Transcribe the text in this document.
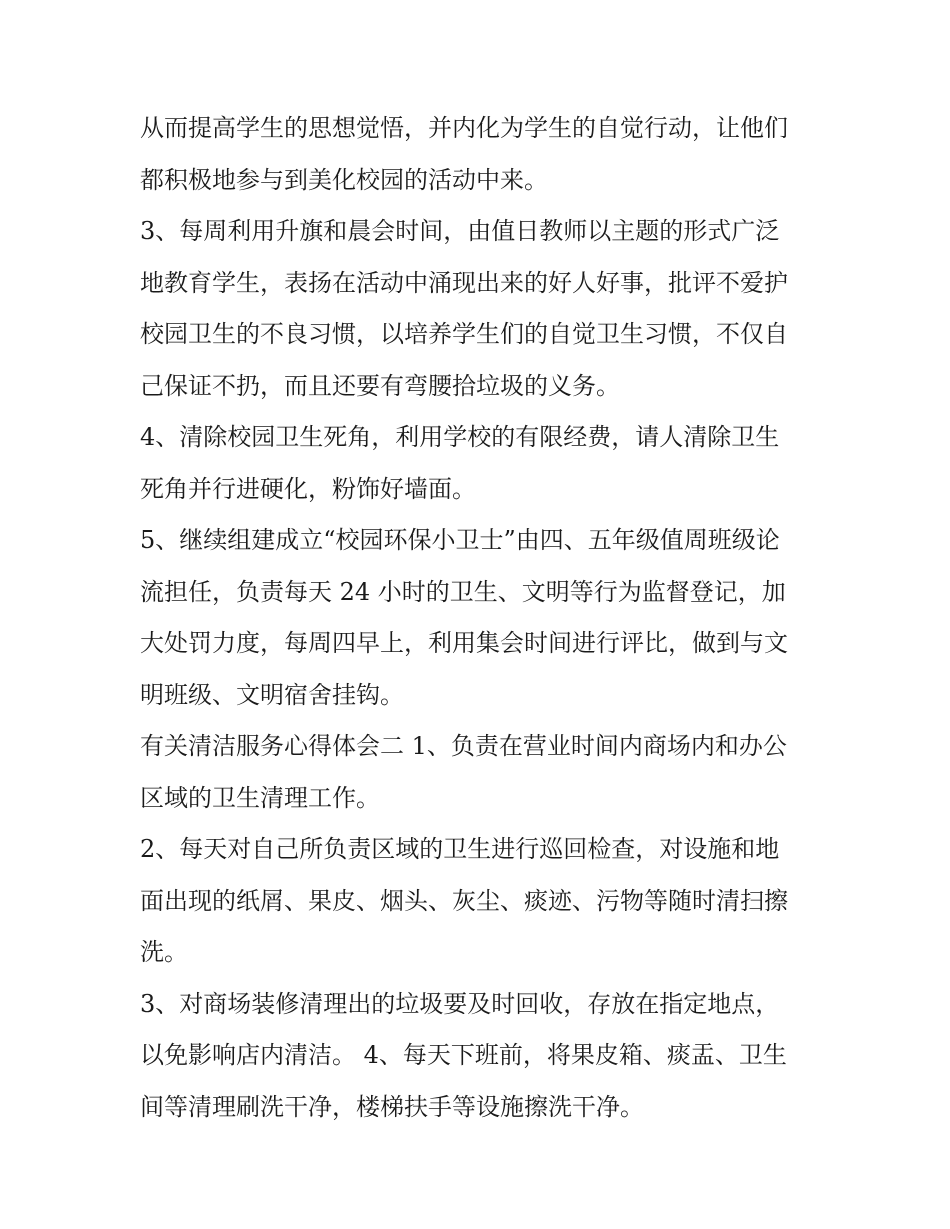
从而提高学生的思想觉悟，并内化为学生的自觉行动，让他们
都积极地参与到美化校园的活动中来。

3、每周利用升旗和晨会时间，由值日教师以主题的形式广泛
地教育学生，表扬在活动中涌现出来的好人好事，批评不爱护
校园卫生的不良习惯，以培养学生们的自觉卫生习惯，不仅自
己保证不扔，而且还要有弯腰拾垃圾的义务。

4、清除校园卫生死角，利用学校的有限经费，请人清除卫生
死角并行进硬化，粉饰好墙面。

5、继续组建成立“校园环保小卫士”由四、五年级值周班级论
流担任，负责每天 24 小时的卫生、文明等行为监督登记，加
大处罚力度，每周四早上，利用集会时间进行评比，做到与文
明班级、文明宿舍挂钩。

有关清洁服务心得体会二 1、负责在营业时间内商场内和办公
区域的卫生清理工作。

2、每天对自己所负责区域的卫生进行巡回检查，对设施和地
面出现的纸屑、果皮、烟头、灰尘、痰迹、污物等随时清扫擦
洗。

3、对商场装修清理出的垃圾要及时回收，存放在指定地点，
以免影响店内清洁。 4、每天下班前，将果皮箱、痰盂、卫生
间等清理刷洗干净，楼梯扶手等设施擦洗干净。
